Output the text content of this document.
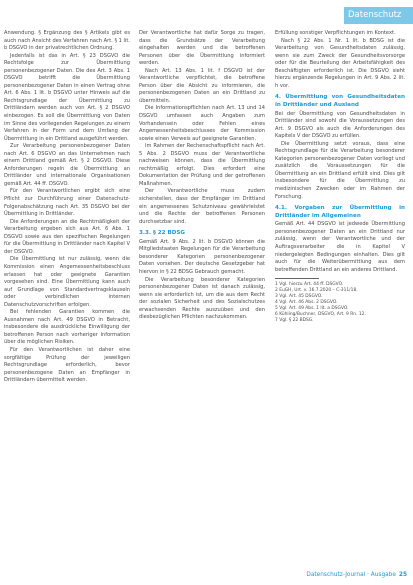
Datenschutz

Anwendung. § Ergänzung des § Artikels gibt es auch nach Ansicht des Verfahren nach Art. § 1 lit. b DSGVO in der privatrechtlichen Ordnung.

Jedenfalls ist das in Art. § 23 DSGVO die Rechtsfolge zur Übermittlung personenbezogener Daten. Die des Art. 3 Abs. 1 DSGVO betrifft die Übermittlung personenbezogener Daten in einen Vertrag ohne Art. 6 Abs. 1 lit. b DSGVO unter Hinweis auf die Rechtsgrundlage der Übermittlung zu Drittländern werden auch von Art. § 2 DSGVO einbezogen. Es soll die Übermittlung von Daten im Sinne des vorliegenden Regelungen zu einem Verfahren in der Form und dem Umfang der Übermittlung in ein Drittland ausgeführt werden.

Zur Verarbeitung personenbezogener Daten nach Art. 6 DSGVO an das Unternehmen nach einem Drittland gemäß Art. § 2 DSGVO. Diese Anforderungen regeln die Übermittlung an Drittländer und internationale Organisationen gemäß Art. 44 ff. DSGVO.

Für den Verantwortlichen ergibt sich eine Pflicht zur Durchführung einer Datenschutz-Folgenabschätzung nach Art. 35 DSGVO bei der Übermittlung in Drittländer.

Die Anforderungen an die Rechtmäßigkeit der Verarbeitung ergeben sich aus Art. 6 Abs. 1 DSGVO sowie aus den spezifischen Regelungen für die Übermittlung in Drittländer nach Kapitel V der DSGVO.

Die Übermittlung ist nur zulässig, wenn die Kommission einen Angemessenheitsbeschluss erlassen hat oder geeignete Garantien vorgesehen sind. Eine Übermittlung kann auch auf Grundlage von Standardvertragsklauseln oder verbindlichen internen Datenschutzvorschriften erfolgen.

Bei fehlenden Garantien kommen die Ausnahmen nach Art. 49 DSGVO in Betracht, insbesondere die ausdrückliche Einwilligung der betroffenen Person nach vorheriger Information über die möglichen Risiken.

Für den Verantwortlichen ist daher eine sorgfältige Prüfung der jeweiligen Rechtsgrundlage erforderlich, bevor personenbezogene Daten an Empfänger in Drittländern übermittelt werden.

Der Verantwortliche hat dafür Sorge zu tragen, dass die Grundsätze der Verarbeitung eingehalten werden und die betroffenen Personen über die Übermittlung informiert werden.

Nach Art. 13 Abs. 1 lit. f DSGVO ist der Verantwortliche verpflichtet, die betroffene Person über die Absicht zu informieren, die personenbezogenen Daten an ein Drittland zu übermitteln.

Die Informationspflichten nach Art. 13 und 14 DSGVO umfassen auch Angaben zum Vorhandensein oder Fehlen eines Angemessenheitsbeschlusses der Kommission sowie einen Verweis auf geeignete Garantien.

Im Rahmen der Rechenschaftspflicht nach Art. 5 Abs. 2 DSGVO muss der Verantwortliche nachweisen können, dass die Übermittlung rechtmäßig erfolgt. Dies erfordert eine Dokumentation der Prüfung und der getroffenen Maßnahmen.

Der Verantwortliche muss zudem sicherstellen, dass der Empfänger im Drittland ein angemessenes Schutzniveau gewährleistet und die Rechte der betroffenen Personen durchsetzbar sind.

3.3. § 22 BDSG

Gemäß Art. 9 Abs. 2 lit. b DSGVO können die Mitgliedstaaten Regelungen für die Verarbeitung besonderer Kategorien personenbezogener Daten vorsehen. Der deutsche Gesetzgeber hat hiervon in § 22 BDSG Gebrauch gemacht.

Die Verarbeitung besonderer Kategorien personenbezogener Daten ist danach zulässig, wenn sie erforderlich ist, um die aus dem Recht der sozialen Sicherheit und des Sozialschutzes erwachsenden Rechte auszuüben und den diesbezüglichen Pflichten nachzukommen.

Erfüllung sonstiger Verpflichtungen im Kontext.

Nach § 22 Abs. 1 Nr. 1 lit. b BDSG ist die Verarbeitung von Gesundheitsdaten zulässig, wenn sie zum Zweck der Gesundheitsvorsorge oder für die Beurteilung der Arbeitsfähigkeit des Beschäftigten erforderlich ist. Die DSGVO sieht hierzu ergänzende Regelungen in Art. 9 Abs. 2 lit. h vor.

4. Übermittlung von Gesundheitsdaten in Drittländer und Ausland

Bei der Übermittlung von Gesundheitsdaten in Drittländer sind sowohl die Voraussetzungen des Art. 9 DSGVO als auch die Anforderungen des Kapitels V der DSGVO zu erfüllen.

Die Übermittlung setzt voraus, dass eine Rechtsgrundlage für die Verarbeitung besonderer Kategorien personenbezogener Daten vorliegt und zusätzlich die Voraussetzungen für die Übermittlung an ein Drittland erfüllt sind. Dies gilt insbesondere für die Übermittlung zu medizinischen Zwecken oder im Rahmen der Forschung.

4.1. Vorgaben zur Übermittlung in Drittländer im Allgemeinen

Gemäß Art. 44 DSGVO ist jedwede Übermittlung personenbezogener Daten an ein Drittland nur zulässig, wenn der Verantwortliche und der Auftragsverarbeiter die in Kapitel V niedergelegten Bedingungen einhalten. Dies gilt auch für die Weiterübermittlung aus dem betreffenden Drittland an ein anderes Drittland.

1 Vgl. hierzu Art. 44 ff. DSGVO.
2 EuGH, Urt. v. 16.7.2020 – C-311/18.
3 Vgl. Art. 45 DSGVO.
4 Vgl. Art. 46 Abs. 2 DSGVO.
5 Vgl. Art. 49 Abs. 1 lit. a DSGVO.
6 Kühling/Buchner, DSGVO, Art. 9 Rn. 12.
7 Vgl. § 22 BDSG.
Datenschutz-Journal · Ausgabe 25
